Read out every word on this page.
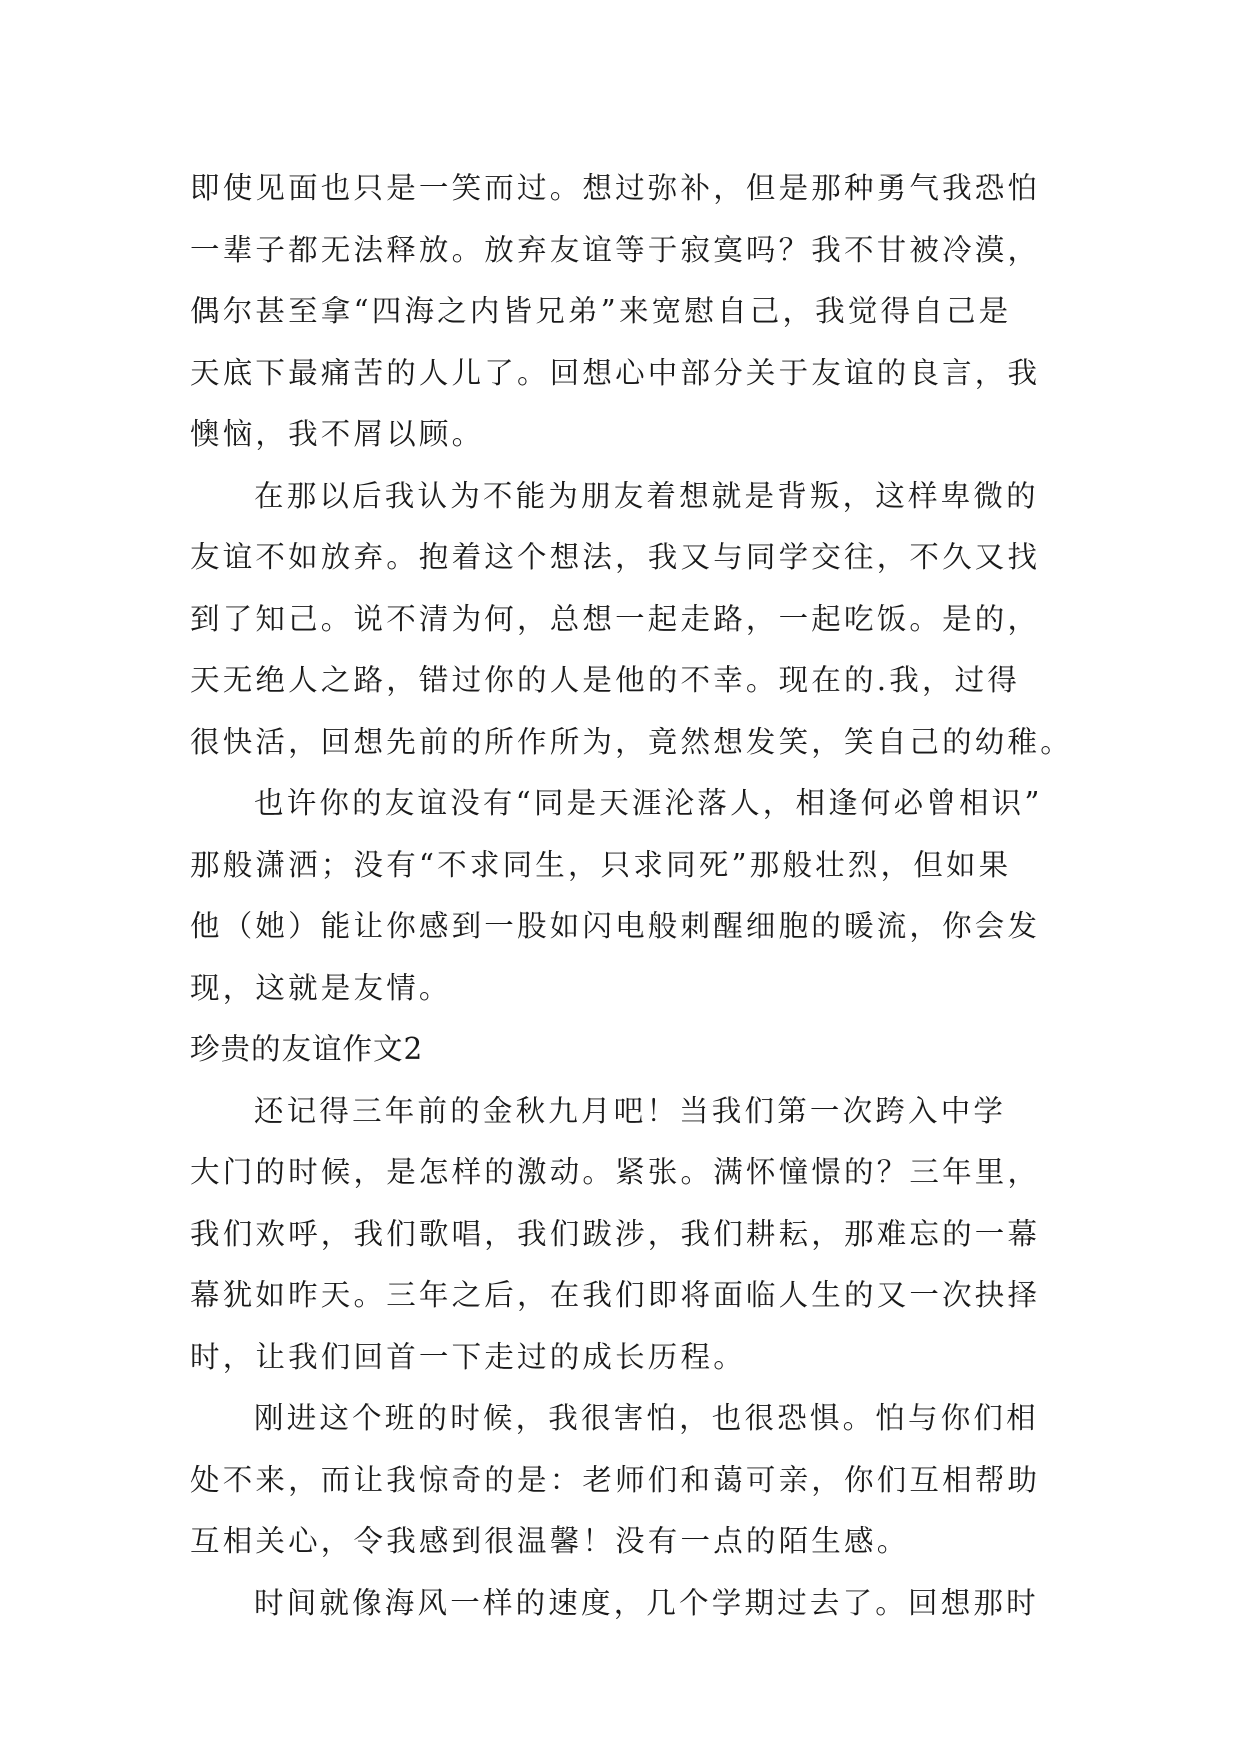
即使见面也只是一笑而过。想过弥补，但是那种勇气我恐怕
一辈子都无法释放。放弃友谊等于寂寞吗？我不甘被冷漠，
偶尔甚至拿“四海之内皆兄弟”来宽慰自己，我觉得自己是
天底下最痛苦的人儿了。回想心中部分关于友谊的良言，我
懊恼，我不屑以顾。
在那以后我认为不能为朋友着想就是背叛，这样卑微的
友谊不如放弃。抱着这个想法，我又与同学交往，不久又找
到了知己。说不清为何，总想一起走路，一起吃饭。是的，
天无绝人之路，错过你的人是他的不幸。现在的.我，过得
很快活，回想先前的所作所为，竟然想发笑，笑自己的幼稚。
也许你的友谊没有“同是天涯沦落人，相逢何必曾相识”
那般潇洒；没有“不求同生，只求同死”那般壮烈，但如果
他（她）能让你感到一股如闪电般刺醒细胞的暖流，你会发
现，这就是友情。
珍贵的友谊作文2
还记得三年前的金秋九月吧！当我们第一次跨入中学
大门的时候，是怎样的激动。紧张。满怀憧憬的？三年里，
我们欢呼，我们歌唱，我们跋涉，我们耕耘，那难忘的一幕
幕犹如昨天。三年之后，在我们即将面临人生的又一次抉择
时，让我们回首一下走过的成长历程。
刚进这个班的时候，我很害怕，也很恐惧。怕与你们相
处不来，而让我惊奇的是：老师们和蔼可亲，你们互相帮助
互相关心，令我感到很温馨！没有一点的陌生感。
时间就像海风一样的速度，几个学期过去了。回想那时
